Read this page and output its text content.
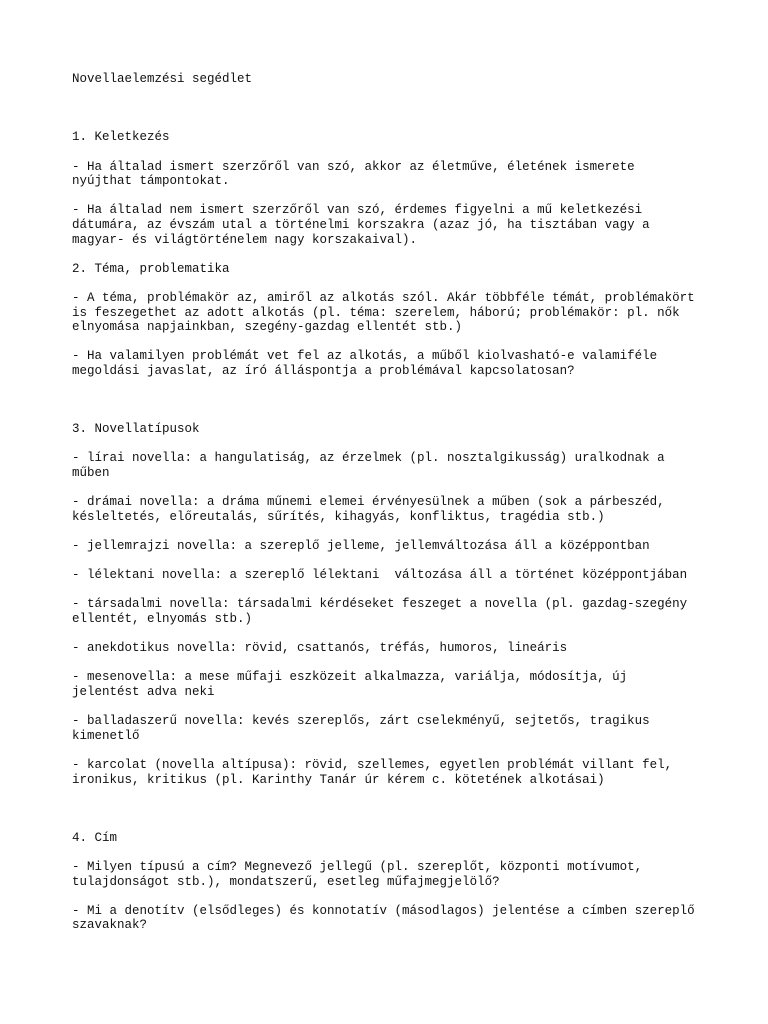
Novellaelemzési segédlet

1. Keletkezés

- Ha általad ismert szerzőről van szó, akkor az életműve, életének ismerete
nyújthat támpontokat.

- Ha általad nem ismert szerzőről van szó, érdemes figyelni a mű keletkezési
dátumára, az évszám utal a történelmi korszakra (azaz jó, ha tisztában vagy a
magyar- és világtörténelem nagy korszakaival).

2. Téma, problematika

- A téma, problémakör az, amiről az alkotás szól. Akár többféle témát, problémakört
is feszegethet az adott alkotás (pl. téma: szerelem, háború; problémakör: pl. nők
elnyomása napjainkban, szegény-gazdag ellentét stb.)

- Ha valamilyen problémát vet fel az alkotás, a műből kiolvasható-e valamiféle
megoldási javaslat, az író álláspontja a problémával kapcsolatosan?

3. Novellatípusok

- lírai novella: a hangulatiság, az érzelmek (pl. nosztalgikusság) uralkodnak a
műben

- drámai novella: a dráma műnemi elemei érvényesülnek a műben (sok a párbeszéd,
késleltetés, előreutalás, sűrítés, kihagyás, konfliktus, tragédia stb.)

- jellemrajzi novella: a szereplő jelleme, jellemváltozása áll a középpontban

- lélektani novella: a szereplő lélektani  változása áll a történet középpontjában

- társadalmi novella: társadalmi kérdéseket feszeget a novella (pl. gazdag-szegény
ellentét, elnyomás stb.)

- anekdotikus novella: rövid, csattanós, tréfás, humoros, lineáris

- mesenovella: a mese műfaji eszközeit alkalmazza, variálja, módosítja, új
jelentést adva neki

- balladaszerű novella: kevés szereplős, zárt cselekményű, sejtetős, tragikus
kimenetlő

- karcolat (novella altípusa): rövid, szellemes, egyetlen problémát villant fel,
ironikus, kritikus (pl. Karinthy Tanár úr kérem c. kötetének alkotásai)

4. Cím

- Milyen típusú a cím? Megnevező jellegű (pl. szereplőt, központi motívumot,
tulajdonságot stb.), mondatszerű, esetleg műfajmegjelölő?

- Mi a denotítv (elsődleges) és konnotatív (másodlagos) jelentése a címben szereplő
szavaknak?
